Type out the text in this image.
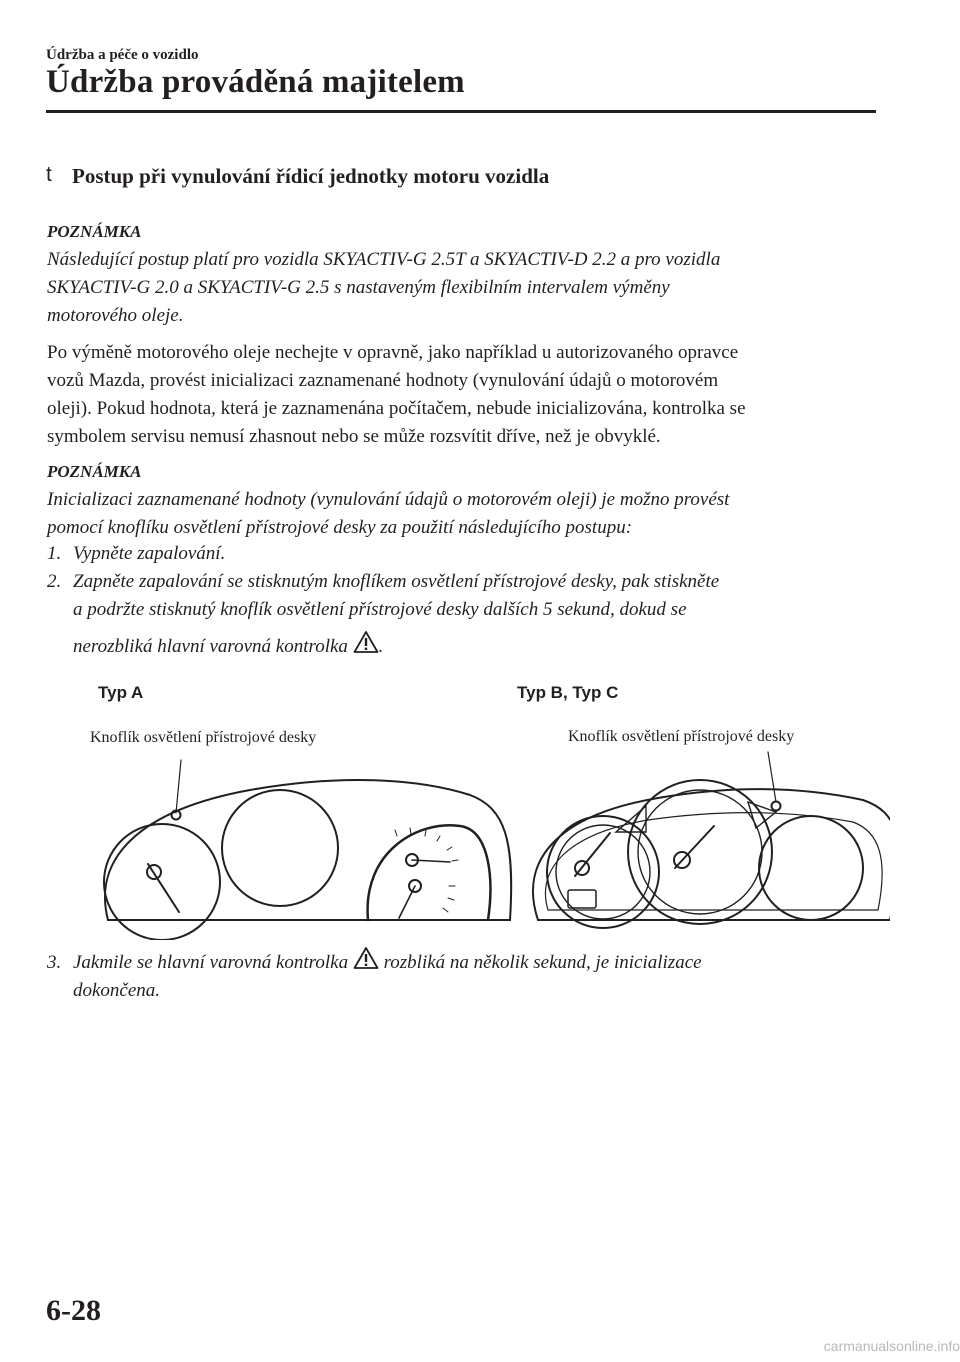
Údržba a péče o vozidlo
Údržba prováděná majitelem
t Postup při vynulování řídicí jednotky motoru vozidla
POZNÁMKA
Následující postup platí pro vozidla SKYACTIV-G 2.5T a SKYACTIV-D 2.2 a pro vozidla
SKYACTIV-G 2.0 a SKYACTIV-G 2.5 s nastaveným flexibilním intervalem výměny
motorového oleje.
Po výměně motorového oleje nechejte v opravně, jako například u autorizovaného opravce
vozů Mazda, provést inicializaci zaznamenané hodnoty (vynulování údajů o motorovém
oleji). Pokud hodnota, která je zaznamenána počítačem, nebude inicializována, kontrolka se
symbolem servisu nemusí zhasnout nebo se může rozsvítit dříve, než je obvyklé.
POZNÁMKA
Inicializaci zaznamenané hodnoty (vynulování údajů o motorovém oleji) je možno provést
pomocí knoflíku osvětlení přístrojové desky za použití následujícího postupu:
1. Vypněte zapalování.
2. Zapněte zapalování se stisknutým knoflíkem osvětlení přístrojové desky, pak stiskněte
a podržte stisknutý knoflík osvětlení přístrojové desky dalších 5 sekund, dokud se
nerozbliká hlavní varovná kontrolka .
Typ A	Typ B, Typ C
Knoflík osvětlení přístrojové desky	Knoflík osvětlení přístrojové desky
3. Jakmile se hlavní varovná kontrolka rozbliká na několik sekund, je inicializace
dokončena.
6-28
carmanualsonline.info
